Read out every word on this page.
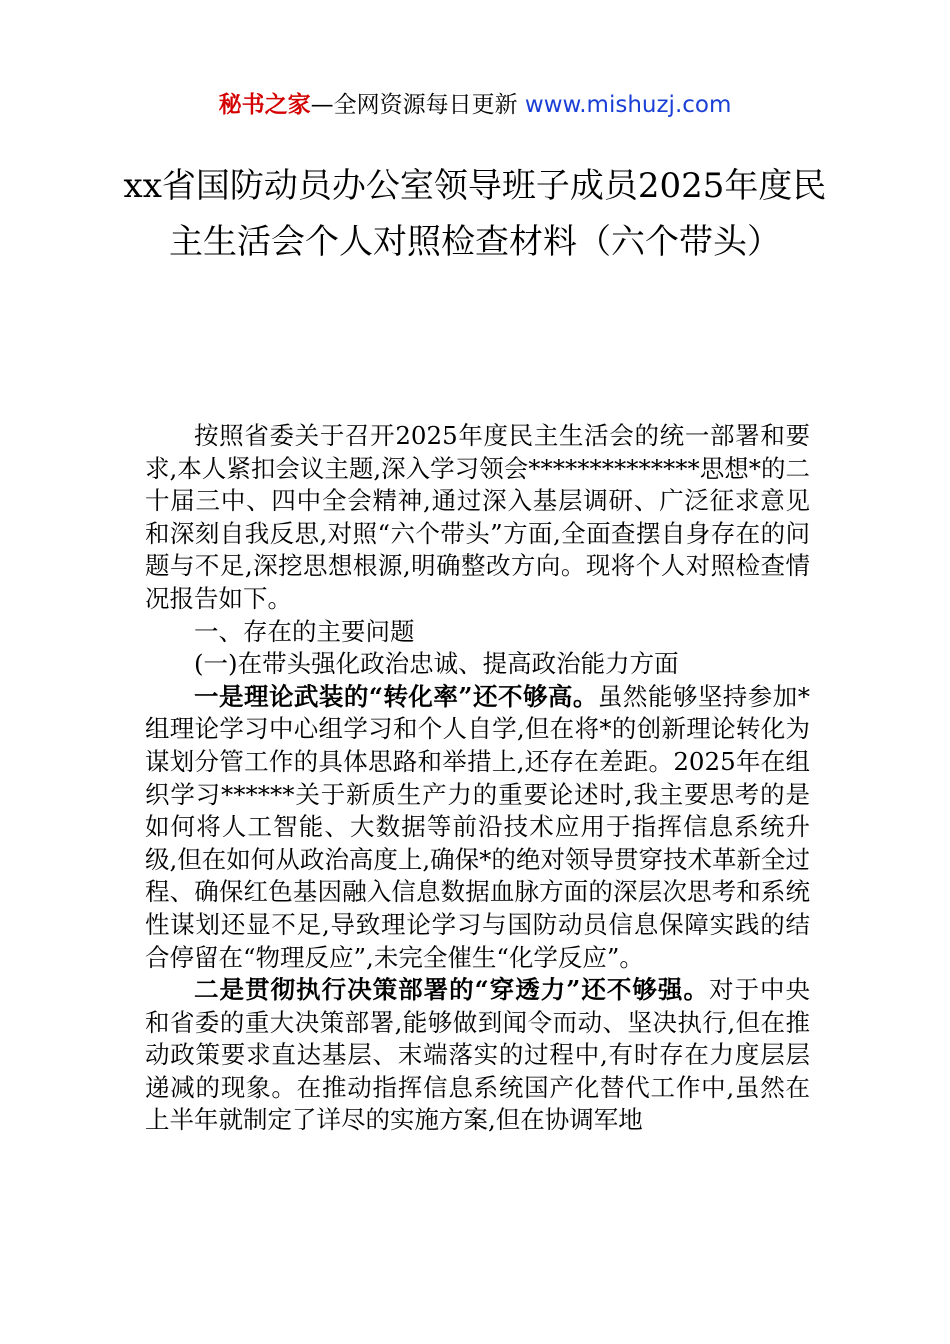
秘书之家—全网资源每日更新 www.mishuzj.com
xx省国防动员办公室领导班子成员2025年度民主生活会个人对照检查材料（六个带头）

按照省委关于召开2025年度民主生活会的统一部署和要求,本人紧扣会议主题,深入学习领会**************思想*的二十届三中、四中全会精神,通过深入基层调研、广泛征求意见和深刻自我反思,对照“六个带头”方面,全面查摆自身存在的问题与不足,深挖思想根源,明确整改方向。现将个人对照检查情况报告如下。

一、存在的主要问题

(一)在带头强化政治忠诚、提高政治能力方面

一是理论武装的“转化率”还不够高。虽然能够坚持参加*组理论学习中心组学习和个人自学,但在将*的创新理论转化为谋划分管工作的具体思路和举措上,还存在差距。2025年在组织学习******关于新质生产力的重要论述时,我主要思考的是如何将人工智能、大数据等前沿技术应用于指挥信息系统升级,但在如何从政治高度上,确保*的绝对领导贯穿技术革新全过程、确保红色基因融入信息数据血脉方面的深层次思考和系统性谋划还显不足,导致理论学习与国防动员信息保障实践的结合停留在“物理反应”,未完全催生“化学反应”。

二是贯彻执行决策部署的“穿透力”还不够强。对于中央和省委的重大决策部署,能够做到闻令而动、坚决执行,但在推动政策要求直达基层、末端落实的过程中,有时存在力度层层递减的现象。在推动指挥信息系统国产化替代工作中,虽然在上半年就制定了详尽的实施方案,但在协调军地
